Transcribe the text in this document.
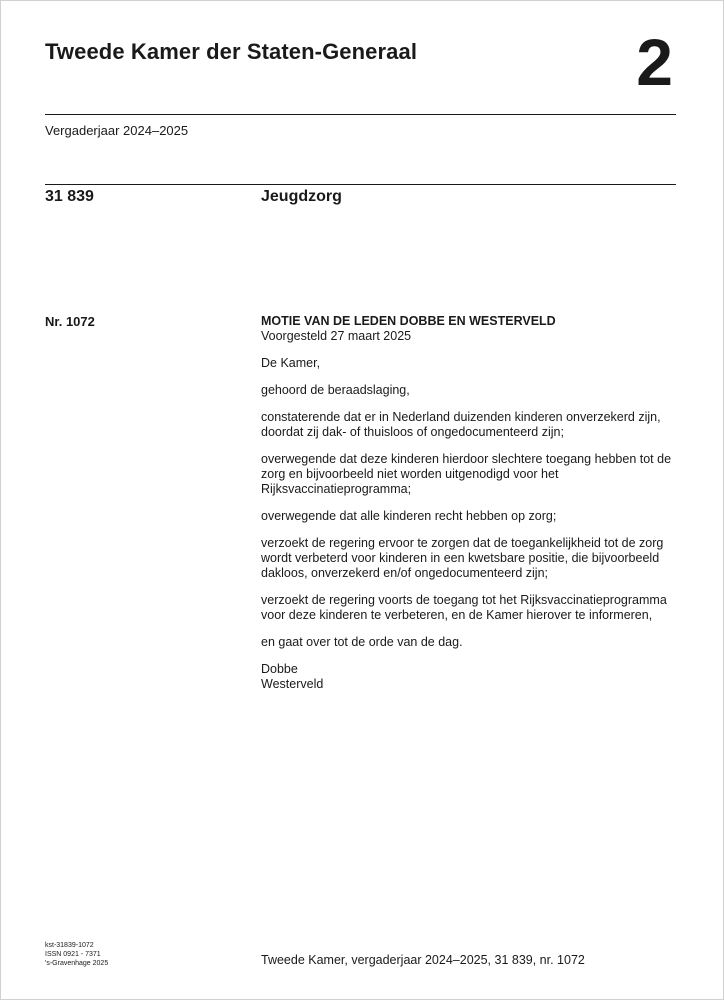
Tweede Kamer der Staten-Generaal	2
Vergaderjaar 2024–2025
31 839	Jeugdzorg
Nr. 1072	MOTIE VAN DE LEDEN DOBBE EN WESTERVELD

Voorgesteld 27 maart 2025

De Kamer,

gehoord de beraadslaging,

constaterende dat er in Nederland duizenden kinderen onverzekerd zijn, doordat zij dak- of thuisloos of ongedocumenteerd zijn;

overwegende dat deze kinderen hierdoor slechtere toegang hebben tot de zorg en bijvoorbeeld niet worden uitgenodigd voor het Rijksvaccinatieprogramma;

overwegende dat alle kinderen recht hebben op zorg;

verzoekt de regering ervoor te zorgen dat de toegankelijkheid tot de zorg wordt verbeterd voor kinderen in een kwetsbare positie, die bijvoorbeeld dakloos, onverzekerd en/of ongedocumenteerd zijn;

verzoekt de regering voorts de toegang tot het Rijksvaccinatieprogramma voor deze kinderen te verbeteren, en de Kamer hierover te informeren,

en gaat over tot de orde van de dag.

Dobbe
Westerveld
kst-31839-1072
ISSN 0921 - 7371
's-Gravenhage 2025	Tweede Kamer, vergaderjaar 2024–2025, 31 839, nr. 1072
